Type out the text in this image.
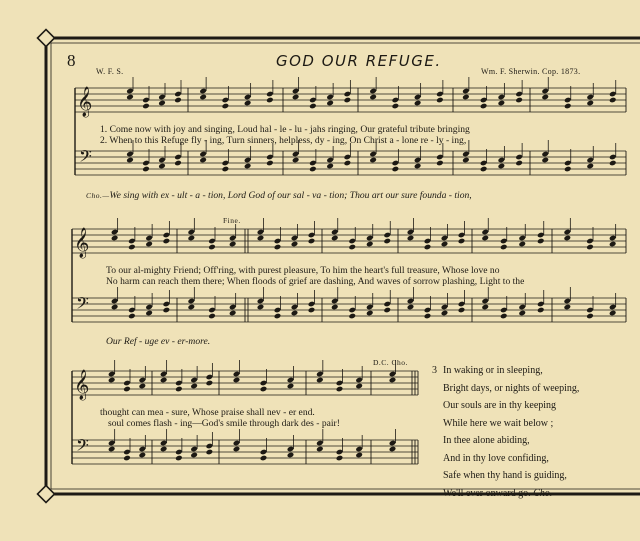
𝄞
𝄢
𝄞
𝄢
𝄞
𝄢
8	GOD OUR REFUGE.
W. F. S.	Wm. F. Sherwin. Cop. 1873.
1. Come now with joy and singing, Loud hal - le - lu - jahs ringing, Our grateful tribute bringing
2. When to this Refuge fly - ing, Turn sinners, helpless, dy - ing, On Christ a - lone re - ly - ing,
Cho.—We sing with ex - ult - a - tion, Lord God of our sal - va - tion; Thou art our sure founda - tion,
Fine.
To our al-mighty Friend; Off'ring, with purest pleasure, To him the heart's full treasure, Whose love no
No harm can reach them there; When floods of grief are dashing, And waves of sorrow plashing, Light to the
Our Ref - uge ev - er-more.
D.C. Cho.
thought can mea - sure, Whose praise shall nev - er end.
soul comes flash - ing—God's smile through dark des - pair!
3 In waking or in sleeping,
Bright days, or nights of weeping,
Our souls are in thy keeping
While here we wait below ;
In thee alone abiding,
And in thy love confiding,
Safe when thy hand is guiding,
We'll ever onward go. Cho.
